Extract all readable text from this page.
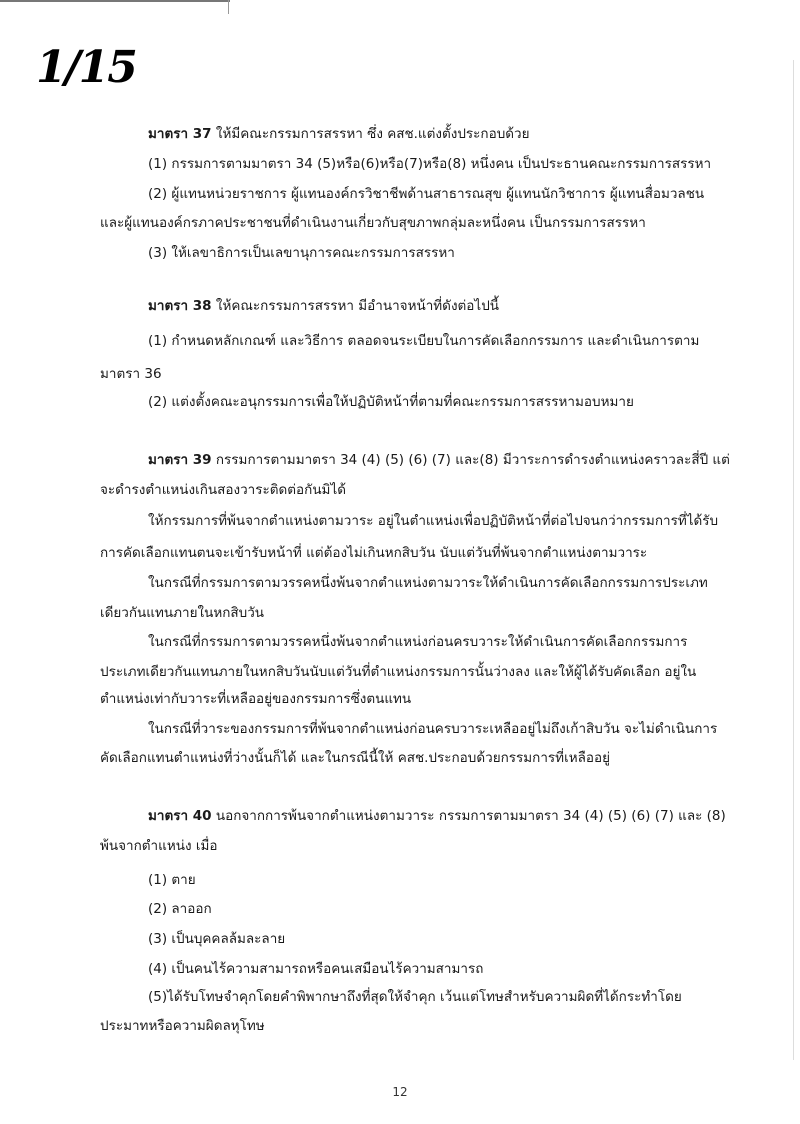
1/15
มาตรา 37 ให้มีคณะกรรมการสรรหา ซึ่ง คสช.แต่งตั้งประกอบด้วย
(1) กรรมการตามมาตรา 34 (5)หรือ(6)หรือ(7)หรือ(8) หนึ่งคน เป็นประธานคณะกรรมการสรรหา
(2) ผู้แทนหน่วยราชการ ผู้แทนองค์กรวิชาชีพด้านสาธารณสุข ผู้แทนนักวิชาการ ผู้แทนสื่อมวลชน
และผู้แทนองค์กรภาคประชาชนที่ดำเนินงานเกี่ยวกับสุขภาพกลุ่มละหนึ่งคน เป็นกรรมการสรรหา
(3) ให้เลขาธิการเป็นเลขานุการคณะกรรมการสรรหา
มาตรา 38 ให้คณะกรรมการสรรหา มีอำนาจหน้าที่ดังต่อไปนี้
(1) กำหนดหลักเกณฑ์ และวิธีการ ตลอดจนระเบียบในการคัดเลือกกรรมการ และดำเนินการตาม
มาตรา 36
(2) แต่งตั้งคณะอนุกรรมการเพื่อให้ปฏิบัติหน้าที่ตามที่คณะกรรมการสรรหามอบหมาย
มาตรา 39 กรรมการตามมาตรา 34 (4) (5) (6) (7) และ(8) มีวาระการดำรงตำแหน่งคราวละสี่ปี แต่
จะดำรงตำแหน่งเกินสองวาระติดต่อกันมิได้
ให้กรรมการที่พ้นจากตำแหน่งตามวาระ อยู่ในตำแหน่งเพื่อปฏิบัติหน้าที่ต่อไปจนกว่ากรรมการที่ได้รับ
การคัดเลือกแทนตนจะเข้ารับหน้าที่ แต่ต้องไม่เกินหกสิบวัน นับแต่วันที่พ้นจากตำแหน่งตามวาระ
ในกรณีที่กรรมการตามวรรคหนึ่งพ้นจากตำแหน่งตามวาระให้ดำเนินการคัดเลือกกรรมการประเภท
เดียวกันแทนภายในหกสิบวัน
ในกรณีที่กรรมการตามวรรคหนึ่งพ้นจากตำแหน่งก่อนครบวาระให้ดำเนินการคัดเลือกกรรมการ
ประเภทเดียวกันแทนภายในหกสิบวันนับแต่วันที่ตำแหน่งกรรมการนั้นว่างลง และให้ผู้ได้รับคัดเลือก อยู่ใน
ตำแหน่งเท่ากับวาระที่เหลืออยู่ของกรรมการซึ่งตนแทน
ในกรณีที่วาระของกรรมการที่พ้นจากตำแหน่งก่อนครบวาระเหลืออยู่ไม่ถึงเก้าสิบวัน จะไม่ดำเนินการ
คัดเลือกแทนตำแหน่งที่ว่างนั้นก็ได้ และในกรณีนี้ให้ คสช.ประกอบด้วยกรรมการที่เหลืออยู่
มาตรา 40 นอกจากการพ้นจากตำแหน่งตามวาระ กรรมการตามมาตรา 34 (4) (5) (6) (7) และ (8)
พ้นจากตำแหน่ง เมื่อ
(1) ตาย
(2) ลาออก
(3) เป็นบุคคลล้มละลาย
(4) เป็นคนไร้ความสามารถหรือคนเสมือนไร้ความสามารถ
(5)ได้รับโทษจำคุกโดยคำพิพากษาถึงที่สุดให้จำคุก เว้นแต่โทษสำหรับความผิดที่ได้กระทำโดย
ประมาทหรือความผิดลหุโทษ
12
